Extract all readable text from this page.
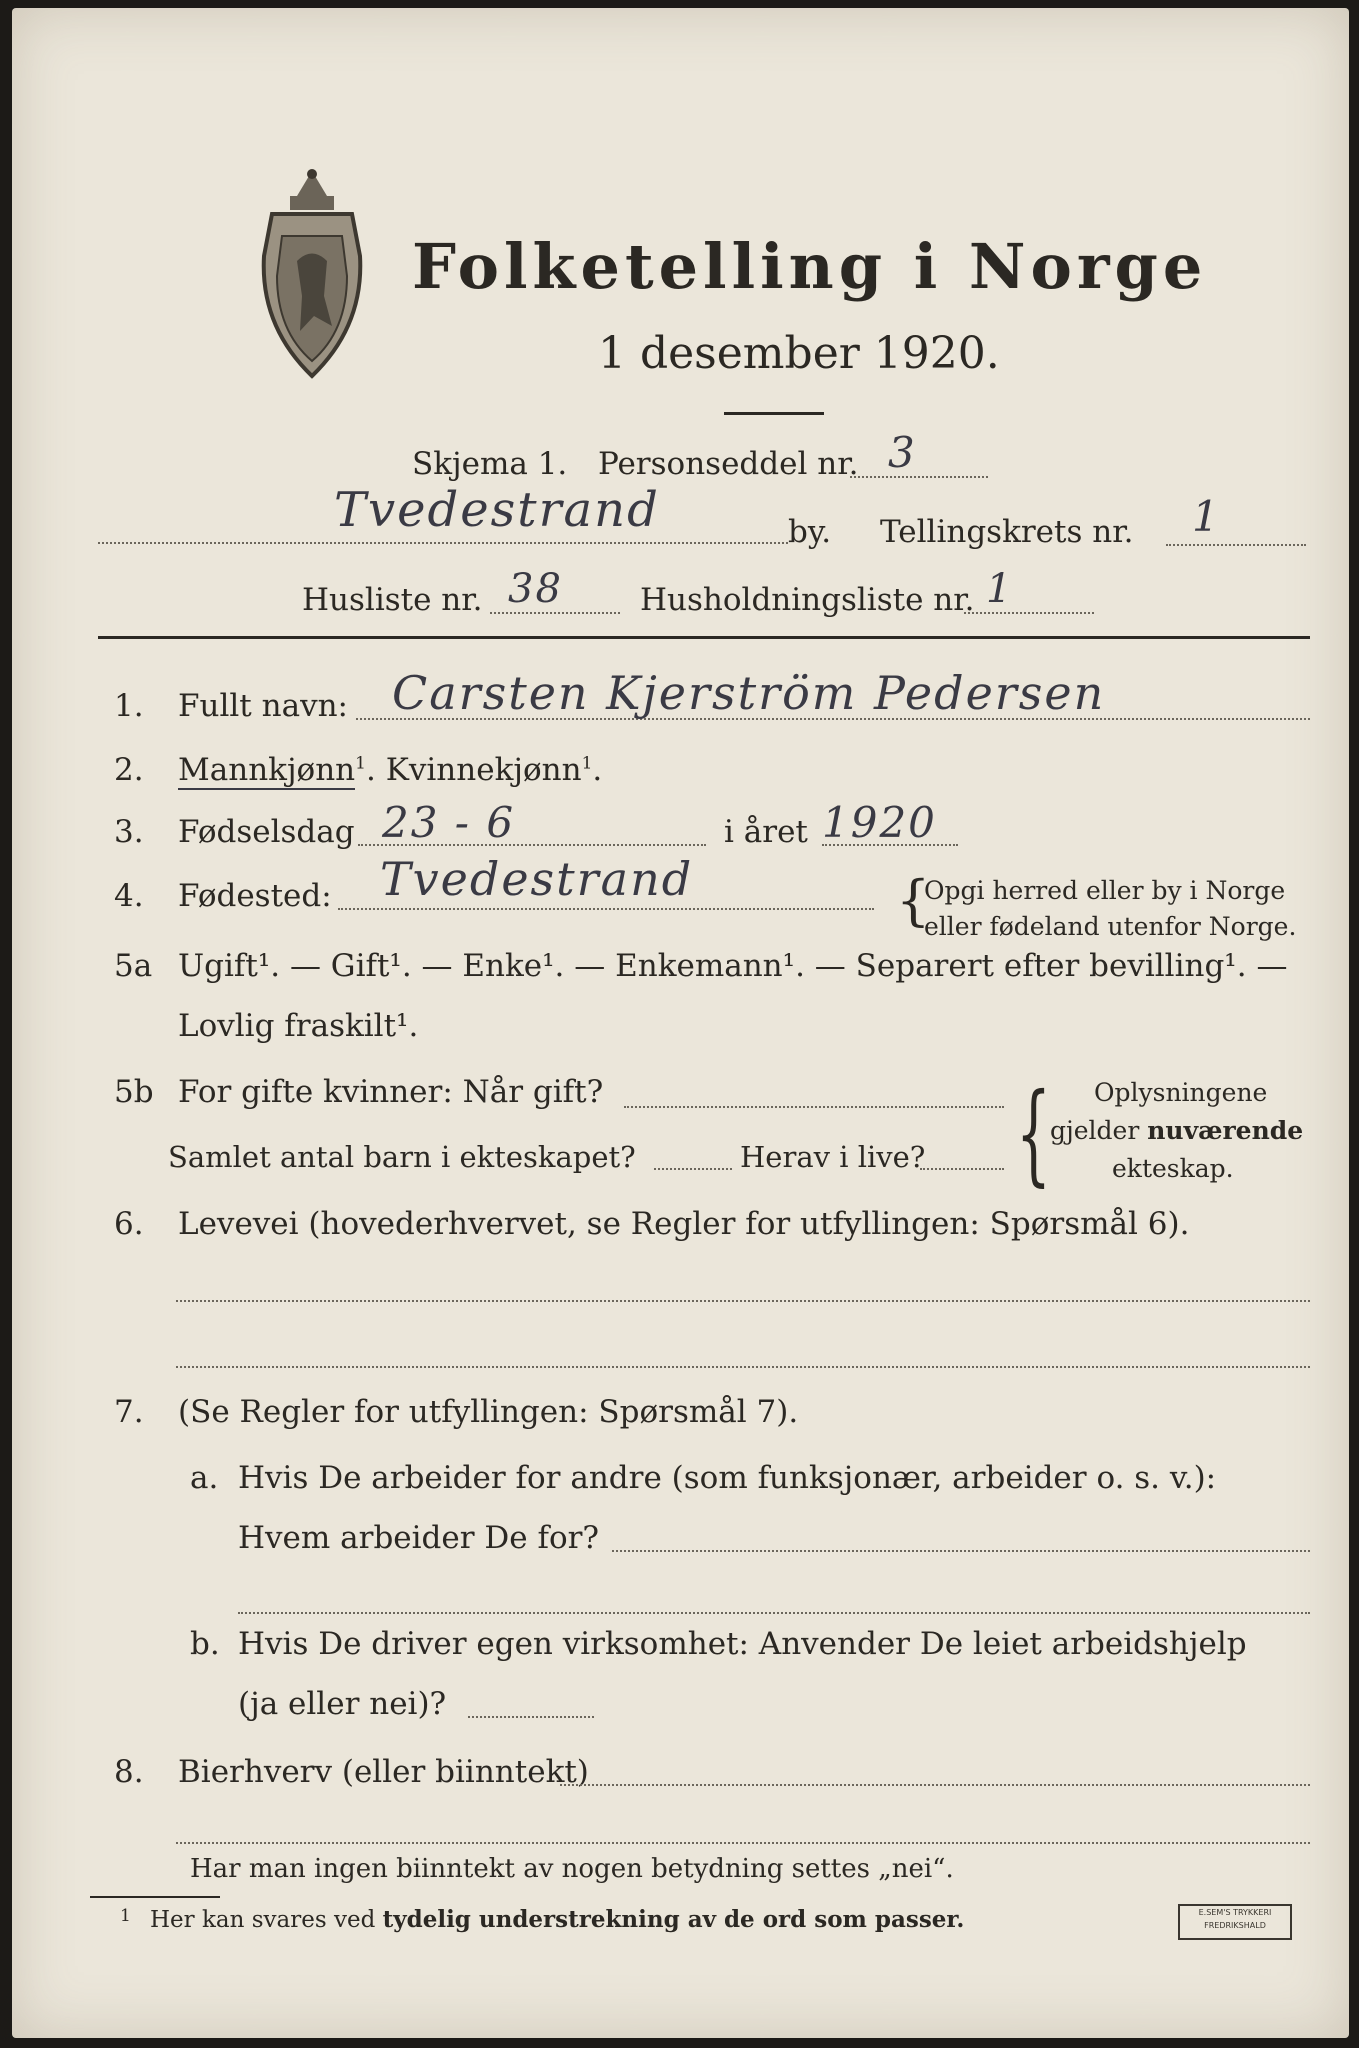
Folketelling i Norge
1 desember 1920.
Skjema 1. Personseddel nr. 3
Tvedestrand	by. Tellingskrets nr. 1
Husliste nr. 38 Husholdningsliste nr. 1
1. Fullt navn: Carsten Kjerström Pedersen
2. Mannkjønn$^1$. Kvinnekjønn$^1$.
3. Fødselsdag 23 - 6	i året 1920
4. Fødested: Tvedestrand	{
Opgi herred eller by i Norge
eller fødeland utenfor Norge.
5a Ugift¹. — Gift¹. — Enke¹. — Enkemann¹. — Separert efter bevilling¹. —
Lovlig fraskilt¹.
5b For gifte kvinner: Når gift?
Samlet antal barn i ekteskapet?	Herav i live? { Oplysningene
gjelder nuværende
ekteskap.
6. Levevei (hovederhvervet, se Regler for utfyllingen: Spørsmål 6).
7. (Se Regler for utfyllingen: Spørsmål 7).
a. Hvis De arbeider for andre (som funksjonær, arbeider o. s. v.):
Hvem arbeider De for?
b. Hvis De driver egen virksomhet: Anvender De leiet arbeidshjelp
(ja eller nei)?
8. Bierhverv (eller biinntekt)
Har man ingen biinntekt av nogen betydning settes „nei“.
1 Her kan svares ved tydelig understrekning av de ord som passer.	E.SEM'S TRYKKERI
FREDRIKSHALD
